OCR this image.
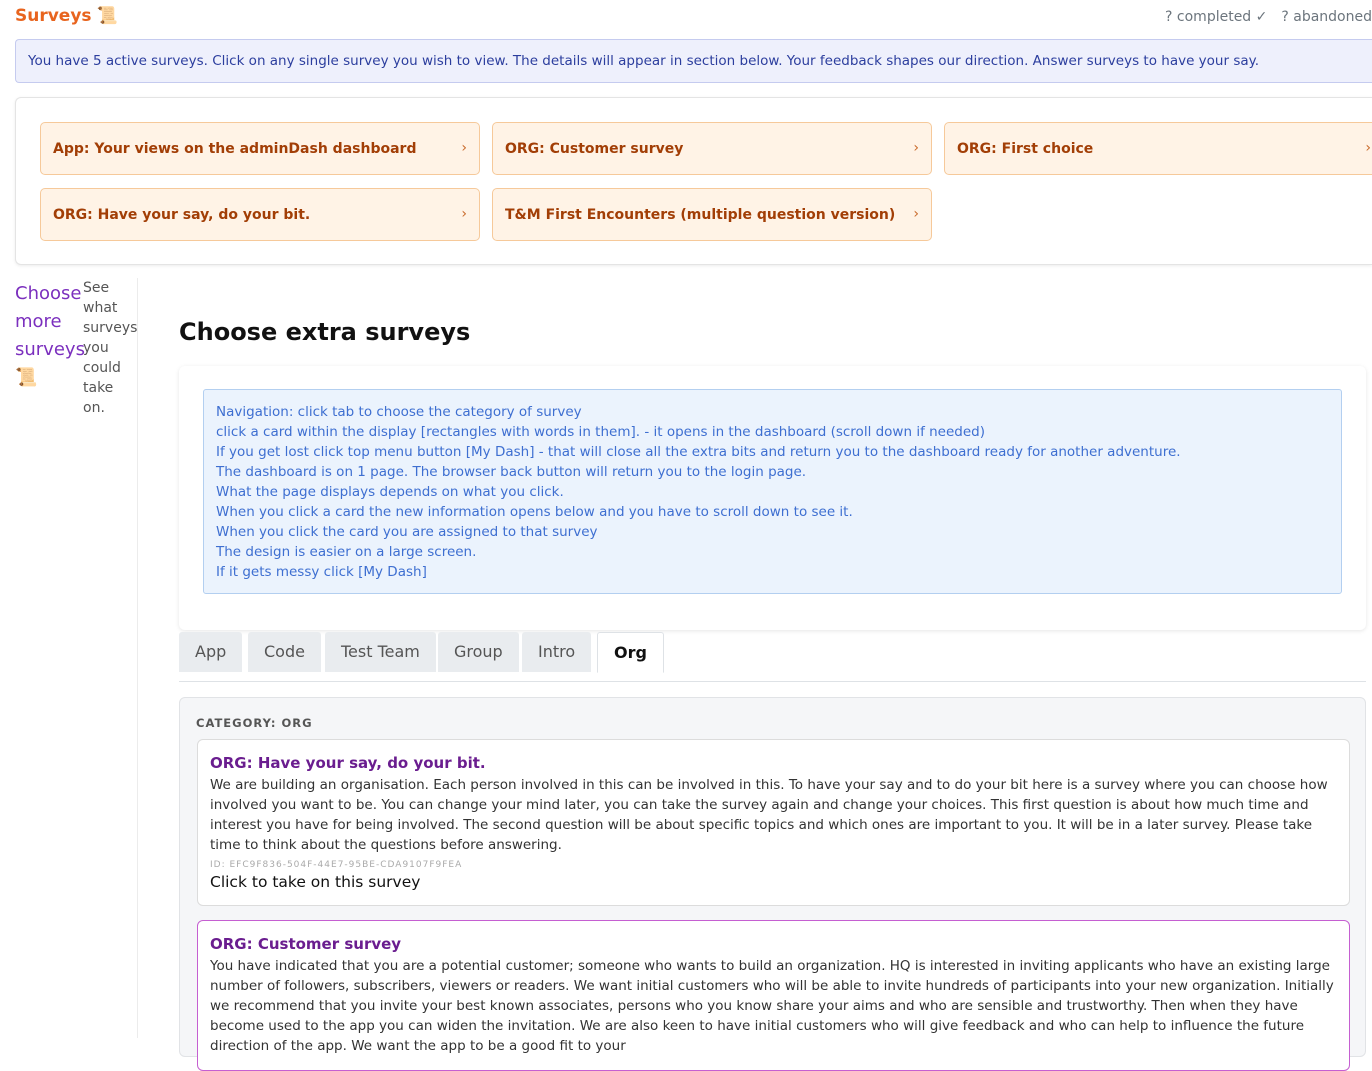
Surveys 📜	? completed ✓ ? abandoned
You have 5 active surveys. Click on any single survey you wish to view. The details will appear in section below. Your feedback shapes our direction. Answer surveys to have your say.
App: Your views on the adminDash dashboard	›	ORG: Customer survey	›	ORG: First choice	›
ORG: Have your say, do your bit.	›	T&M First Encounters (multiple question version) ›
Choose more surveys
📜
See what surveys you could take on.
Choose extra surveys
Navigation: click tab to choose the category of survey
click a card within the display [rectangles with words in them]. - it opens in the dashboard (scroll down if needed)
If you get lost click top menu button [My Dash] - that will close all the extra bits and return you to the dashboard ready for another adventure.
The dashboard is on 1 page. The browser back button will return you to the login page.
What the page displays depends on what you click.
When you click a card the new information opens below and you have to scroll down to see it.
When you click the card you are assigned to that survey
The design is easier on a large screen.
If it gets messy click [My Dash]
App	Code	Test Team	Group	Intro	Org
CATEGORY: ORG
ORG: Have your say, do your bit.
We are building an organisation. Each person involved in this can be involved in this. To have your say and to do your bit here is a survey where you can choose how involved you want to be. You can change your mind later, you can take the survey again and change your choices. This first question is about how much time and interest you have for being involved. The second question will be about specific topics and which ones are important to you. It will be in a later survey. Please take time to think about the questions before answering.
ID: EFC9F836-504F-44E7-95BE-CDA9107F9FEA
Click to take on this survey
ORG: Customer survey
You have indicated that you are a potential customer; someone who wants to build an organization. HQ is interested in inviting applicants who have an existing large number of followers, subscribers, viewers or readers. We want initial customers who will be able to invite hundreds of participants into your new organization. Initially we recommend that you invite your best known associates, persons who you know share your aims and who are sensible and trustworthy. Then when they have become used to the app you can widen the invitation. We are also keen to have initial customers who will give feedback and who can help to influence the future direction of the app. We want the app to be a good fit to your
